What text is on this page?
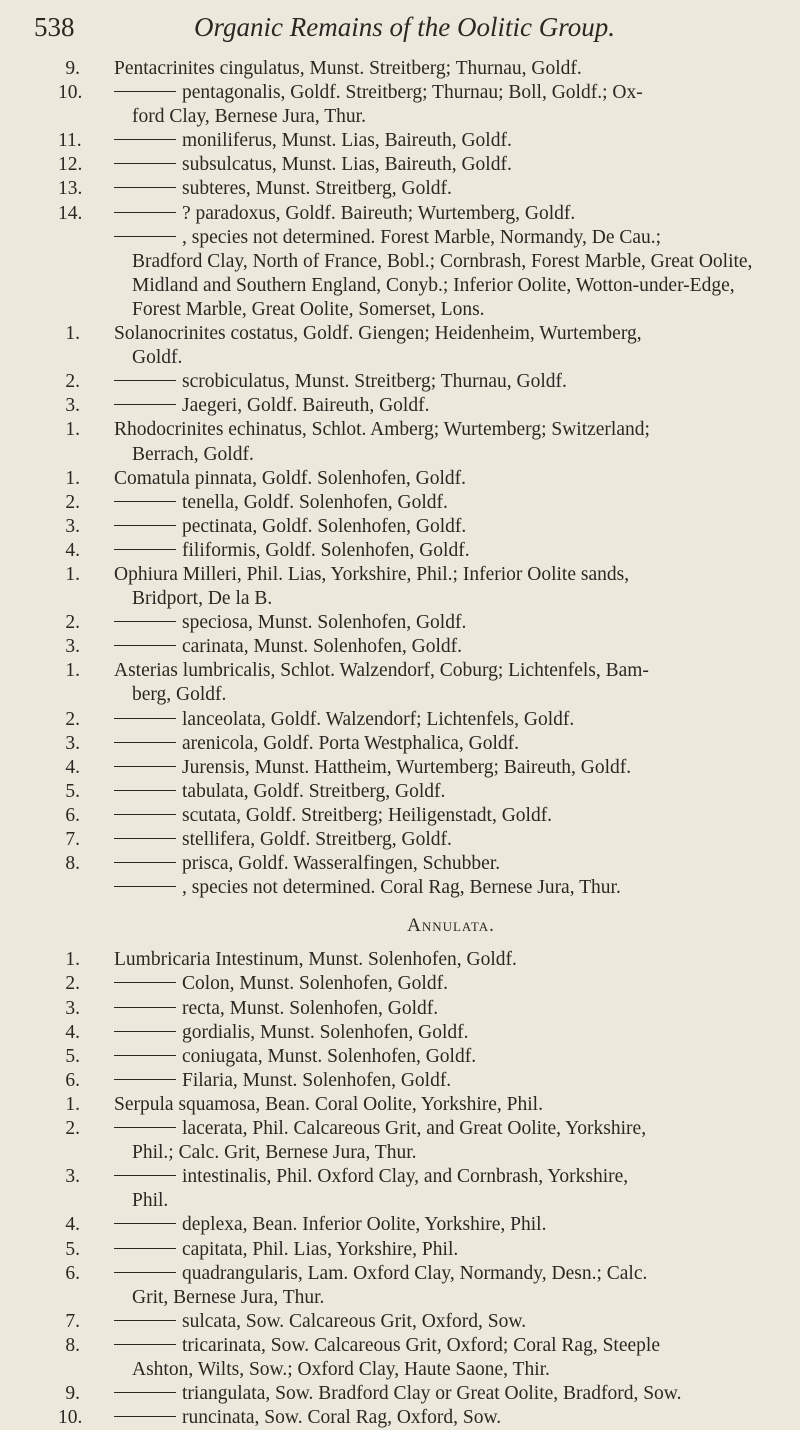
538	Organic Remains of the Oolitic Group.
9. Pentacrinites cingulatus, Munst. Streitberg; Thurnau, Goldf.
10.	pentagonalis, Goldf. Streitberg; Thurnau; Boll, Goldf.; Ox-
ford Clay, Bernese Jura, Thur.
11.	moniliferus, Munst. Lias, Baireuth, Goldf.
12.	subsulcatus, Munst. Lias, Baireuth, Goldf.
13.	subteres, Munst. Streitberg, Goldf.
14.	? paradoxus, Goldf. Baireuth; Wurtemberg, Goldf.
, species not determined. Forest Marble, Normandy, De Cau.;
Bradford Clay, North of France, Bobl.; Cornbrash, Forest Marble, Great Oolite, Midland and Southern England, Conyb.; Inferior Oolite, Wotton-under-Edge, Forest Marble, Great Oolite, Somerset, Lons.
1. Solanocrinites costatus, Goldf. Giengen; Heidenheim, Wurtemberg,
Goldf.
2.	scrobiculatus, Munst. Streitberg; Thurnau, Goldf.
3.	Jaegeri, Goldf. Baireuth, Goldf.
1. Rhodocrinites echinatus, Schlot. Amberg; Wurtemberg; Switzerland;
Berrach, Goldf.
1. Comatula pinnata, Goldf. Solenhofen, Goldf.
2.	tenella, Goldf. Solenhofen, Goldf.
3.	pectinata, Goldf. Solenhofen, Goldf.
4.	filiformis, Goldf. Solenhofen, Goldf.
1. Ophiura Milleri, Phil. Lias, Yorkshire, Phil.; Inferior Oolite sands,
Bridport, De la B.
2.	speciosa, Munst. Solenhofen, Goldf.
3.	carinata, Munst. Solenhofen, Goldf.
1. Asterias lumbricalis, Schlot. Walzendorf, Coburg; Lichtenfels, Bam-
berg, Goldf.
2.	lanceolata, Goldf. Walzendorf; Lichtenfels, Goldf.
3.	arenicola, Goldf. Porta Westphalica, Goldf.
4.	Jurensis, Munst. Hattheim, Wurtemberg; Baireuth, Goldf.
5.	tabulata, Goldf. Streitberg, Goldf.
6.	scutata, Goldf. Streitberg; Heiligenstadt, Goldf.
7.	stellifera, Goldf. Streitberg, Goldf.
8.	prisca, Goldf. Wasseralfingen, Schubber.
, species not determined. Coral Rag, Bernese Jura, Thur.
Annulata.
1. Lumbricaria Intestinum, Munst. Solenhofen, Goldf.
2.	Colon, Munst. Solenhofen, Goldf.
3.	recta, Munst. Solenhofen, Goldf.
4.	gordialis, Munst. Solenhofen, Goldf.
5.	coniugata, Munst. Solenhofen, Goldf.
6.	Filaria, Munst. Solenhofen, Goldf.
1. Serpula squamosa, Bean. Coral Oolite, Yorkshire, Phil.
2.	lacerata, Phil. Calcareous Grit, and Great Oolite, Yorkshire,
Phil.; Calc. Grit, Bernese Jura, Thur.
3.	intestinalis, Phil. Oxford Clay, and Cornbrash, Yorkshire,
Phil.
4.	deplexa, Bean. Inferior Oolite, Yorkshire, Phil.
5.	capitata, Phil. Lias, Yorkshire, Phil.
6.	quadrangularis, Lam. Oxford Clay, Normandy, Desn.; Calc.
Grit, Bernese Jura, Thur.
7.	sulcata, Sow. Calcareous Grit, Oxford, Sow.
8.	tricarinata, Sow. Calcareous Grit, Oxford; Coral Rag, Steeple
Ashton, Wilts, Sow.; Oxford Clay, Haute Saone, Thir.
9.	triangulata, Sow. Bradford Clay or Great Oolite, Bradford, Sow.
10.	runcinata, Sow. Coral Rag, Oxford, Sow.
